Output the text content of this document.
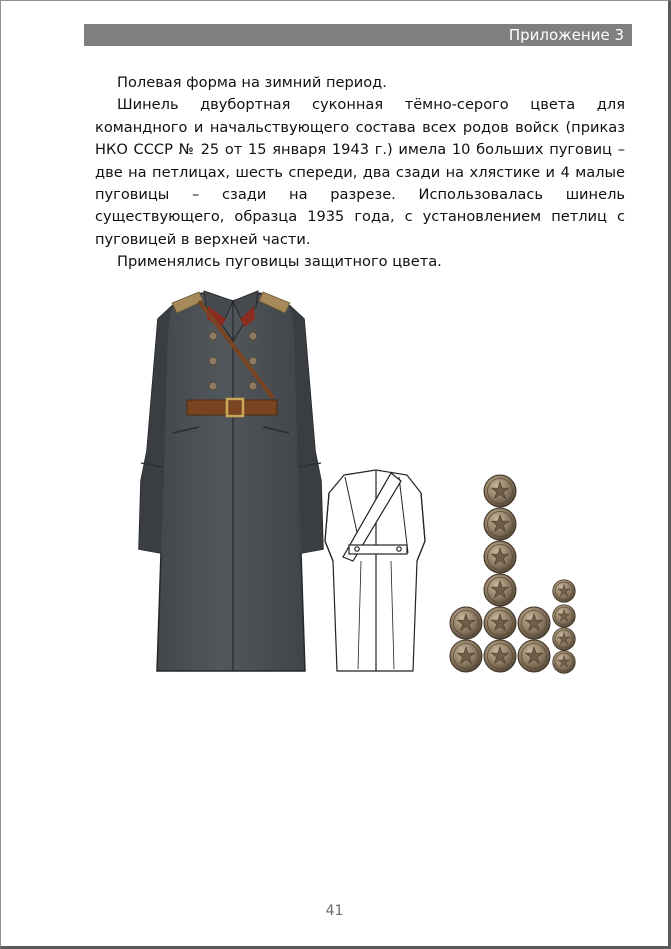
Приложение 3

Полевая форма на зимний период.

Шинель двубортная суконная тёмно-серого цвета для командного и начальствующего состава всех родов войск (приказ НКО СССР № 25 от 15 января 1943 г.) имела 10 больших пуговиц – две на петлицах, шесть спереди, два сзади на хлястике и 4 малые пуговицы – сзади на разрезе. Использовалась шинель существующего, образца 1935 года, с установлением петлиц с пуговицей в верхней части.

Применялись пуговицы защитного цвета.

41
